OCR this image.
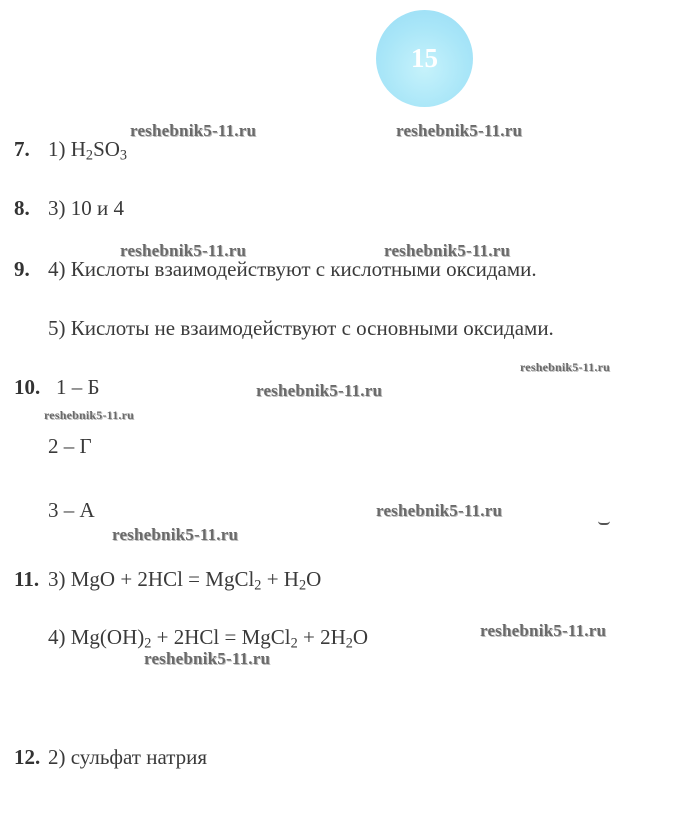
15
7. 1) $H_2SO_3$
8. 3) 10 и 4
9. 4) Кислоты взаимодействуют с кислотными оксидами.
5) Кислоты не взаимодействуют с основными оксидами.
10. 1 – Б
2 – Г
3 – А
11. 3) MgO + 2HCl = MgCl$_2$ + $H_2O$
4) $Mg(OH)_2 + 2HCl$ = MgCl$_2$ + $2H_2O$
12. 2) сульфат натрия
reshebnik5-11.ru	reshebnik5-11.ru
reshebnik5-11.ru	reshebnik5-11.ru
reshebnik5-11.ru
reshebnik5-11.ru
reshebnik5-11.ru
reshebnik5-11.ru
reshebnik5-11.ru
reshebnik5-11.ru
reshebnik5-11.ru
